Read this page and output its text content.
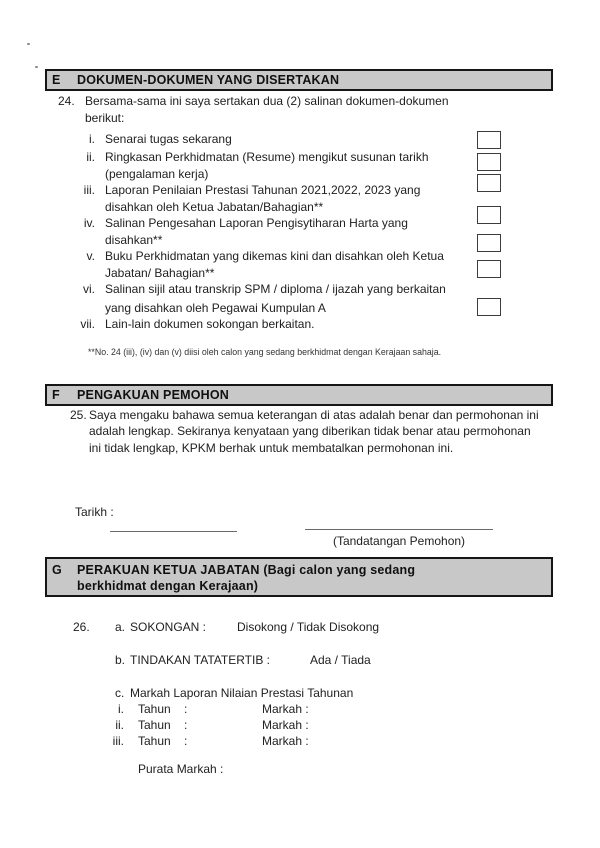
E	DOKUMEN-DOKUMEN YANG DISERTAKAN
24. Bersama-sama ini saya sertakan dua (2) salinan dokumen-dokumen
berikut:
i. Senarai tugas sekarang
ii. Ringkasan Perkhidmatan (Resume) mengikut susunan tarikh
(pengalaman kerja)
iii. Laporan Penilaian Prestasi Tahunan 2021,2022, 2023 yang
disahkan oleh Ketua Jabatan/Bahagian**
iv. Salinan Pengesahan Laporan Pengisytiharan Harta yang
disahkan**
v. Buku Perkhidmatan yang dikemas kini dan disahkan oleh Ketua
Jabatan/ Bahagian**
vi. Salinan sijil atau transkrip SPM / diploma / ijazah yang berkaitan
yang disahkan oleh Pegawai Kumpulan A
vii. Lain-lain dokumen sokongan berkaitan.
**No. 24 (iii), (iv) dan (v) diisi oleh calon yang sedang berkhidmat dengan Kerajaan sahaja.
F	PENGAKUAN PEMOHON
25. Saya mengaku bahawa semua keterangan di atas adalah benar dan permohonan ini
adalah lengkap. Sekiranya kenyataan yang diberikan tidak benar atau permohonan
ini tidak lengkap, KPKM berhak untuk membatalkan permohonan ini.
Tarikh :
(Tandatangan Pemohon)
G	PERAKUAN KETUA JABATAN (Bagi calon yang sedang
berkhidmat dengan Kerajaan)
26. a. SOKONGAN :	Disokong / Tidak Disokong
b. TINDAKAN TATATERTIB :	Ada / Tiada
c. Markah Laporan Nilaian Prestasi Tahunan
i. Tahun :	Markah :
ii. Tahun :	Markah :
iii. Tahun :	Markah :
Purata Markah :
